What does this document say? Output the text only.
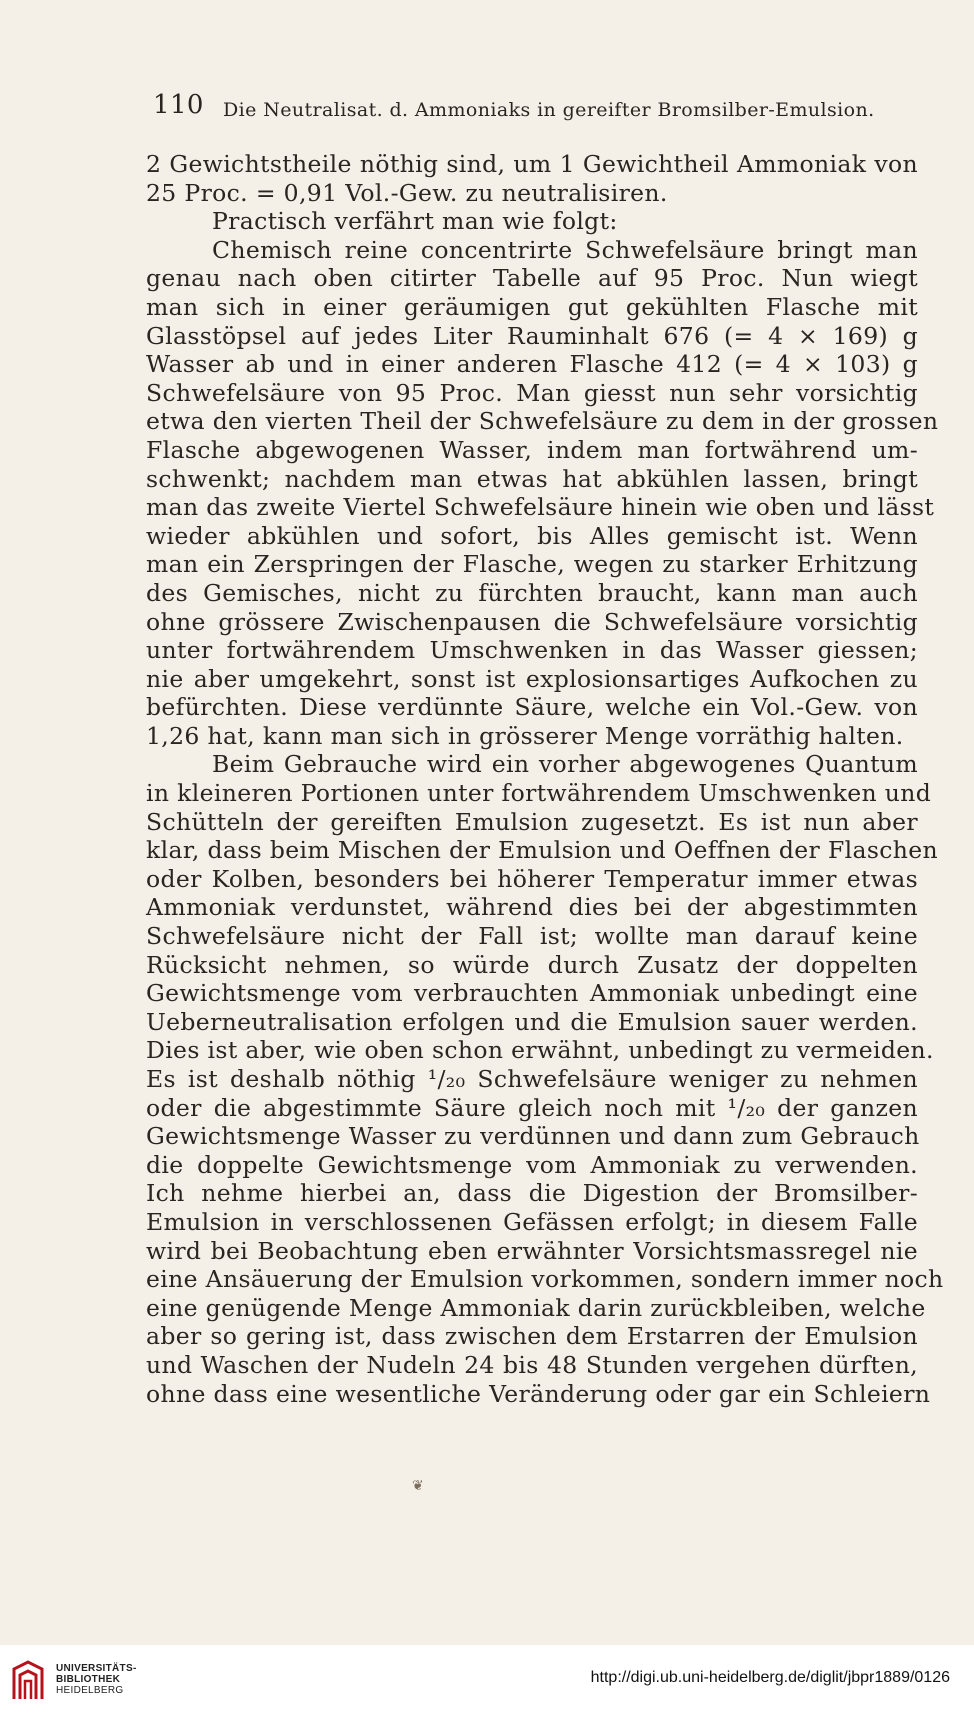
110 Die Neutralisat. d. Ammoniaks in gereifter Bromsilber-Emulsion.
2 Gewichtstheile nöthig sind, um 1 Gewichtheil Ammoniak von
25 Proc. = 0,91 Vol.-Gew. zu neutralisiren.
Practisch verfährt man wie folgt:
Chemisch reine concentrirte Schwefelsäure bringt man
genau nach oben citirter Tabelle auf 95 Proc. Nun wiegt
man sich in einer geräumigen gut gekühlten Flasche mit
Glasstöpsel auf jedes Liter Rauminhalt 676 (= 4 × 169) g
Wasser ab und in einer anderen Flasche 412 (= 4 × 103) g
Schwefelsäure von 95 Proc. Man giesst nun sehr vorsichtig
etwa den vierten Theil der Schwefelsäure zu dem in der grossen
Flasche abgewogenen Wasser, indem man fortwährend um-
schwenkt; nachdem man etwas hat abkühlen lassen, bringt
man das zweite Viertel Schwefelsäure hinein wie oben und lässt
wieder abkühlen und sofort, bis Alles gemischt ist. Wenn
man ein Zerspringen der Flasche, wegen zu starker Erhitzung
des Gemisches, nicht zu fürchten braucht, kann man auch
ohne grössere Zwischenpausen die Schwefelsäure vorsichtig
unter fortwährendem Umschwenken in das Wasser giessen;
nie aber umgekehrt, sonst ist explosionsartiges Aufkochen zu
befürchten. Diese verdünnte Säure, welche ein Vol.-Gew. von
1,26 hat, kann man sich in grösserer Menge vorräthig halten.
Beim Gebrauche wird ein vorher abgewogenes Quantum
in kleineren Portionen unter fortwährendem Umschwenken und
Schütteln der gereiften Emulsion zugesetzt. Es ist nun aber
klar, dass beim Mischen der Emulsion und Oeffnen der Flaschen
oder Kolben, besonders bei höherer Temperatur immer etwas
Ammoniak verdunstet, während dies bei der abgestimmten
Schwefelsäure nicht der Fall ist; wollte man darauf keine
Rücksicht nehmen, so würde durch Zusatz der doppelten
Gewichtsmenge vom verbrauchten Ammoniak unbedingt eine
Ueberneutralisation erfolgen und die Emulsion sauer werden.
Dies ist aber, wie oben schon erwähnt, unbedingt zu vermeiden.
Es ist deshalb nöthig ¹/₂₀ Schwefelsäure weniger zu nehmen
oder die abgestimmte Säure gleich noch mit ¹/₂₀ der ganzen
Gewichtsmenge Wasser zu verdünnen und dann zum Gebrauch
die doppelte Gewichtsmenge vom Ammoniak zu verwenden.
Ich nehme hierbei an, dass die Digestion der Bromsilber-
Emulsion in verschlossenen Gefässen erfolgt; in diesem Falle
wird bei Beobachtung eben erwähnter Vorsichtsmassregel nie
eine Ansäuerung der Emulsion vorkommen, sondern immer noch
eine genügende Menge Ammoniak darin zurückbleiben, welche
aber so gering ist, dass zwischen dem Erstarren der Emulsion
und Waschen der Nudeln 24 bis 48 Stunden vergehen dürften,
ohne dass eine wesentliche Veränderung oder gar ein Schleiern
❦
UNIVERSITÄTS-
BIBLIOTHEK
HEIDELBERG
http://digi.ub.uni-heidelberg.de/diglit/jbpr1889/0126
